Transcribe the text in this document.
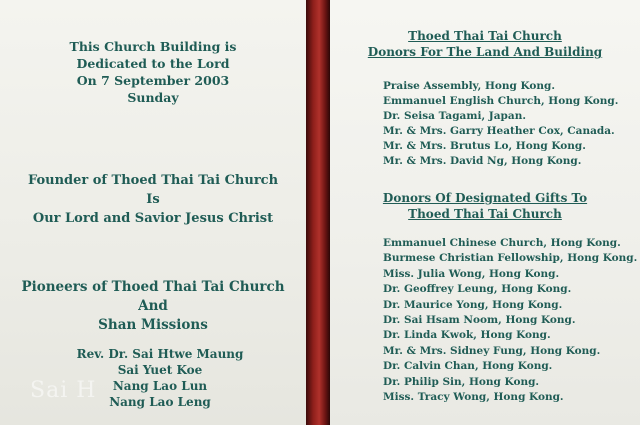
This Church Building is
Dedicated to the Lord
On 7 September 2003
Sunday
Founder of Thoed Thai Tai Church
Is
Our Lord and Savior Jesus Christ
Pioneers of Thoed Thai Tai Church
And
Shan Missions
Rev. Dr. Sai Htwe Maung
Sai Yuet Koe
Nang Lao Lun
Nang Lao Leng
Sai H
Thoed Thai Tai Church
Donors For The Land And Building
Praise Assembly, Hong Kong.
Emmanuel English Church, Hong Kong.
Dr. Seisa Tagami, Japan.
Mr. & Mrs. Garry Heather Cox, Canada.
Mr. & Mrs. Brutus Lo, Hong Kong.
Mr. & Mrs. David Ng, Hong Kong.
Donors Of Designated Gifts To
Thoed Thai Tai Church
Emmanuel Chinese Church, Hong Kong.
Burmese Christian Fellowship, Hong Kong.
Miss. Julia Wong, Hong Kong.
Dr. Geoffrey Leung, Hong Kong.
Dr. Maurice Yong, Hong Kong.
Dr. Sai Hsam Noom, Hong Kong.
Dr. Linda Kwok, Hong Kong.
Mr. & Mrs. Sidney Fung, Hong Kong.
Dr. Calvin Chan, Hong Kong.
Dr. Philip Sin, Hong Kong.
Miss. Tracy Wong, Hong Kong.
